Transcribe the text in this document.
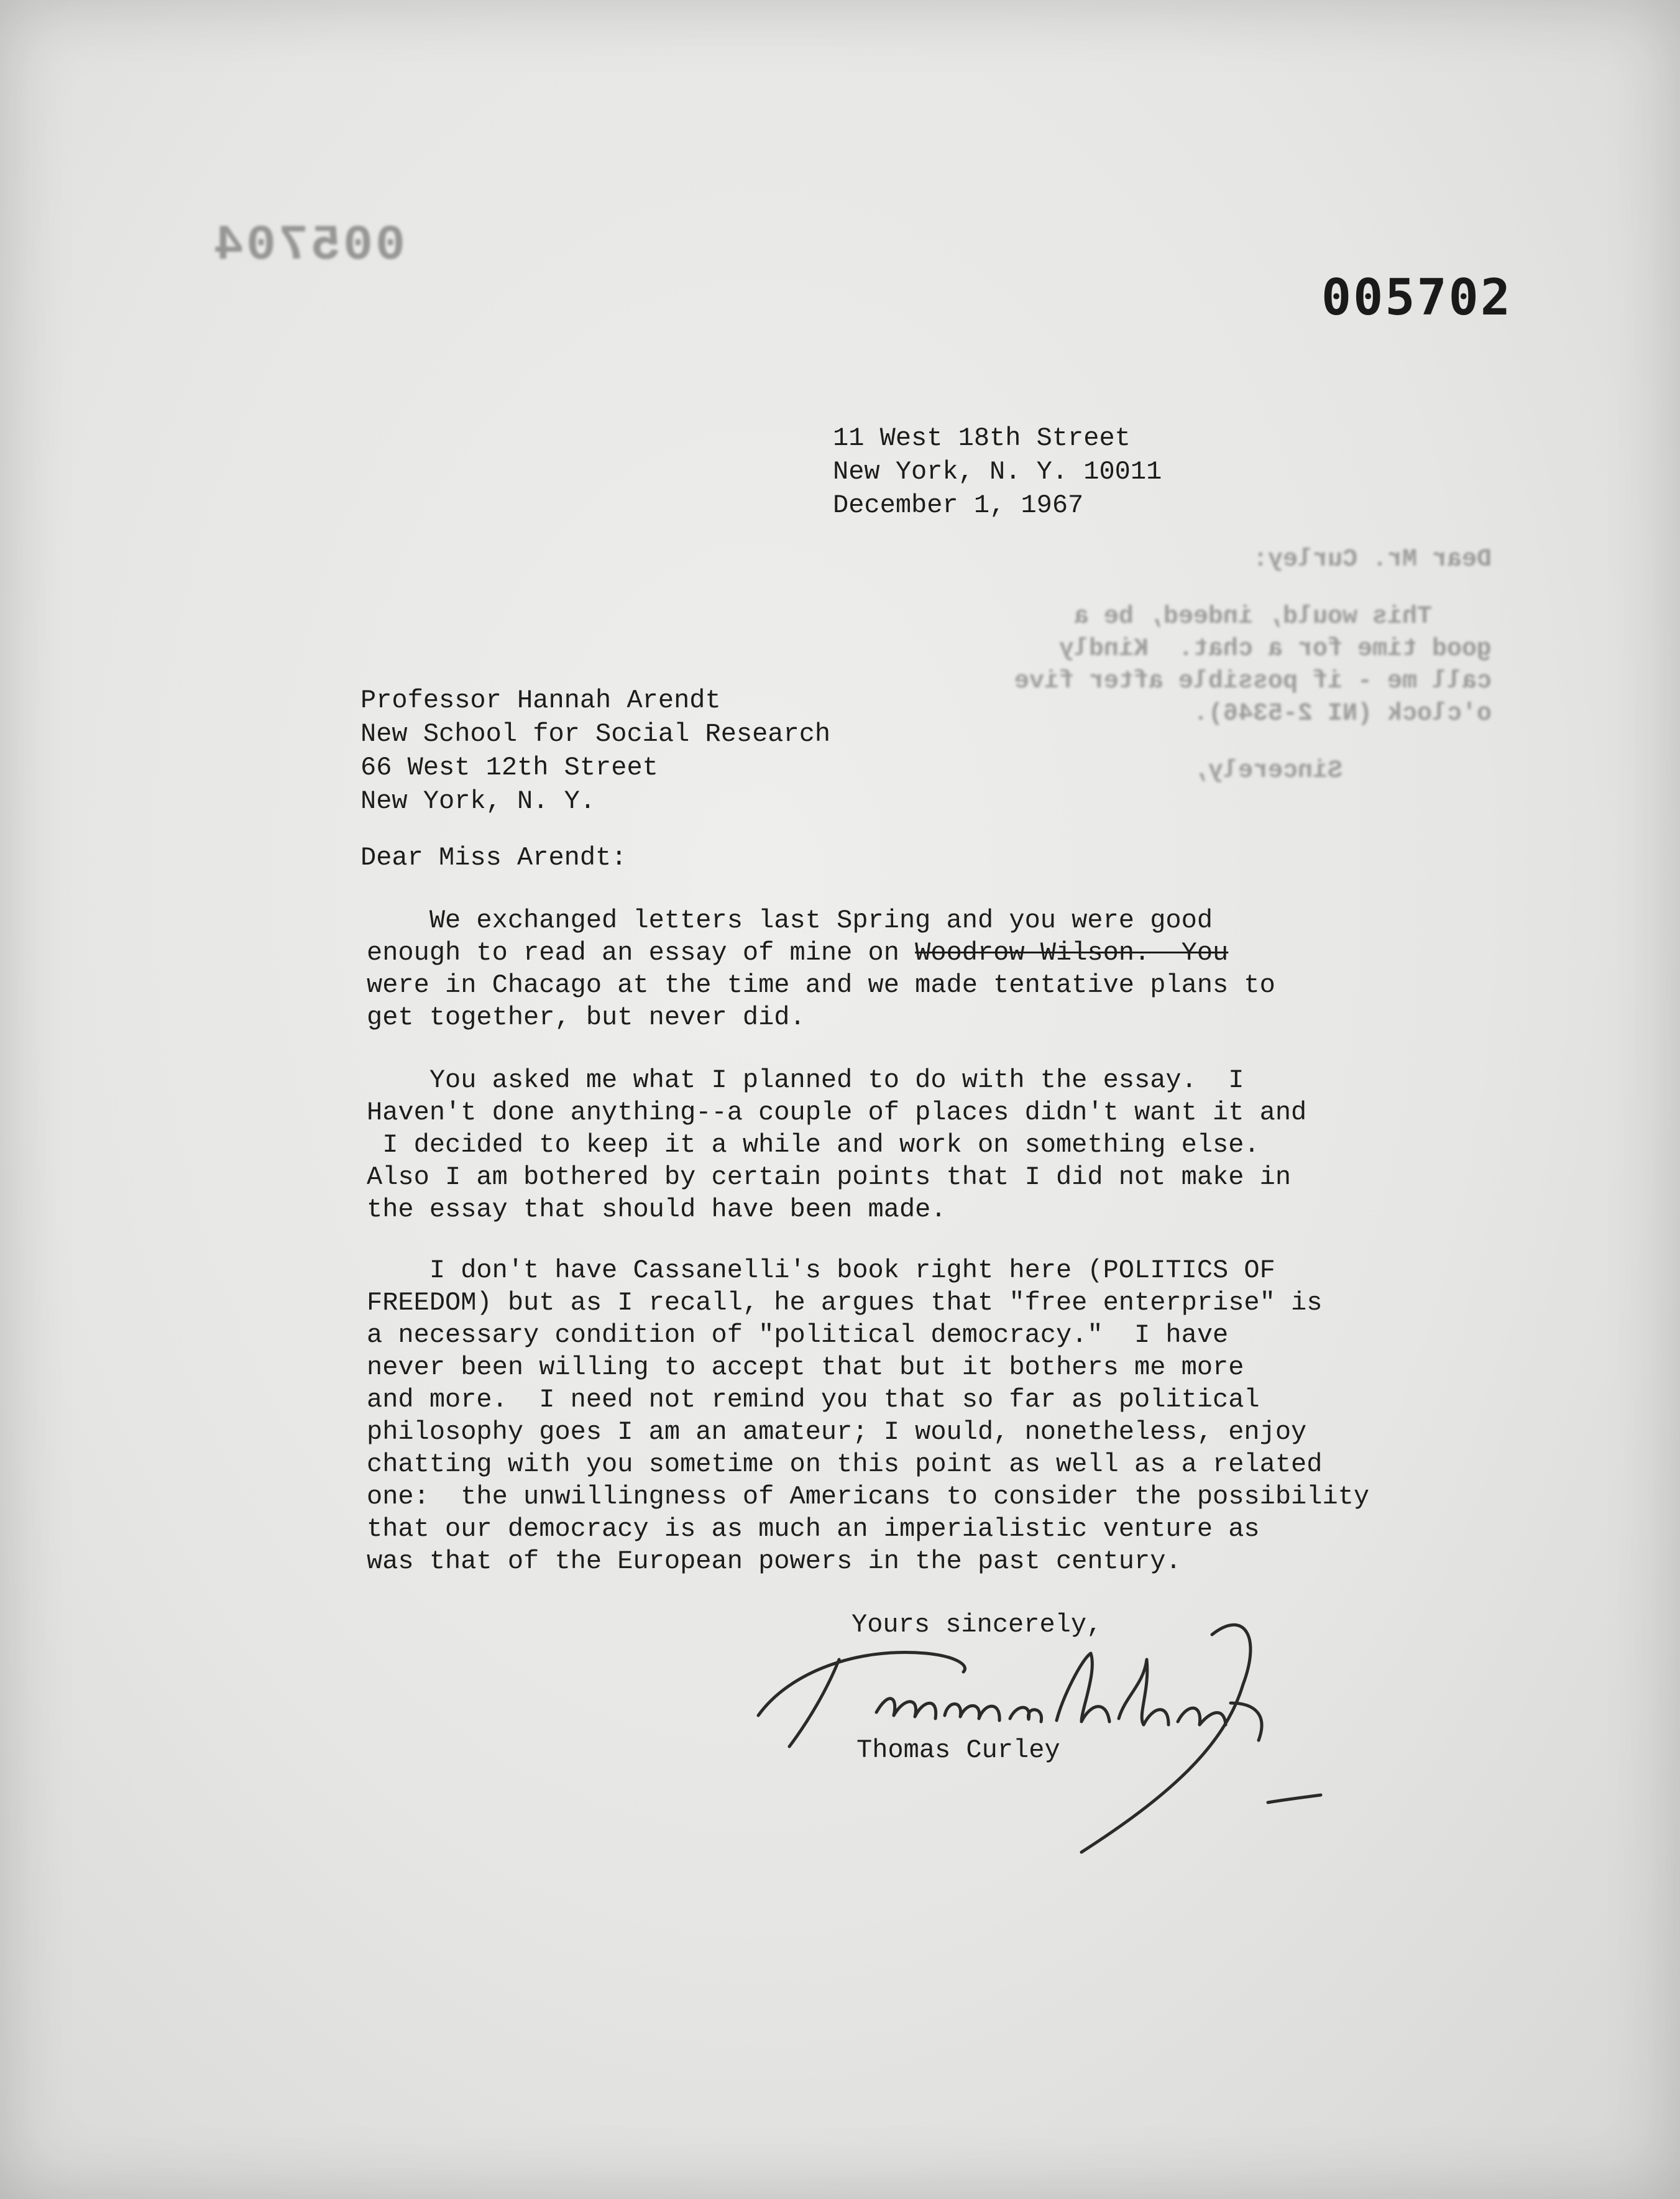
005704
005702
Dear Mr. Curley:
This would, indeed, be a
good time for a chat.  Kindly
call me - if possible after five
o'clock (NI 2-5346).
Sincerely,
11 West 18th Street
New York, N. Y. 10011
December 1, 1967
Professor Hannah Arendt
New School for Social Research
66 West 12th Street
New York, N. Y.
Dear Miss Arendt:
We exchanged letters last Spring and you were good
enough to read an essay of mine on Woodrow Wilson.  You
were in Chacago at the time and we made tentative plans to
get together, but never did.
You asked me what I planned to do with the essay.  I
Haven't done anything--a couple of places didn't want it and
I decided to keep it a while and work on something else.
Also I am bothered by certain points that I did not make in
the essay that should have been made.
I don't have Cassanelli's book right here (POLITICS OF
FREEDOM) but as I recall, he argues that "free enterprise" is
a necessary condition of "political democracy."  I have
never been willing to accept that but it bothers me more
and more.  I need not remind you that so far as political
philosophy goes I am an amateur; I would, nonetheless, enjoy
chatting with you sometime on this point as well as a related
one:  the unwillingness of Americans to consider the possibility
that our democracy is as much an imperialistic venture as
was that of the European powers in the past century.
Yours sincerely,
Thomas Curley
